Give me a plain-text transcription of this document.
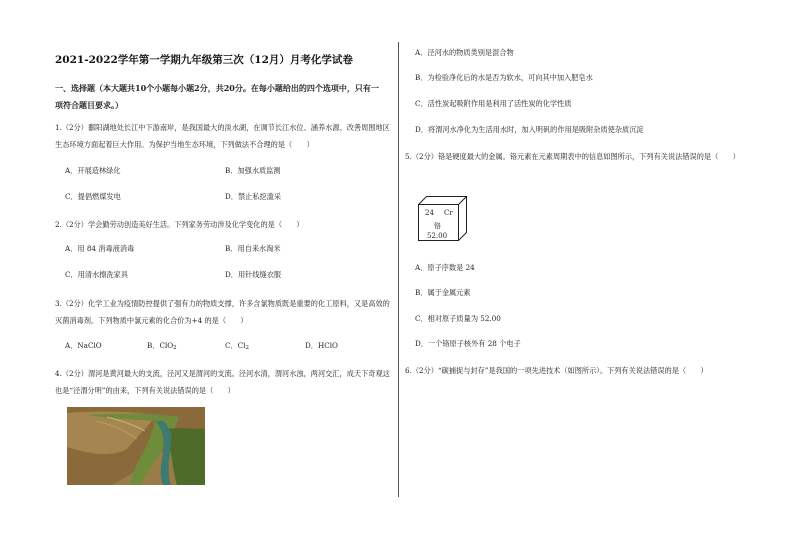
2021-2022学年第一学期九年级第三次（12月）月考化学试卷
一、选择题（本大题共10个小题每小题2分，共20分。在每小题给出的四个选项中，只有一项符合题目要求。）
1.（2分）鄱阳湖地处长江中下游南岸，是我国最大的淡水湖，在调节长江水位、涵养水源、改善周围地区生态环境方面起着巨大作用。为保护当地生态环境，下列做法不合理的是（　　）
A．开展造林绿化	B．加强水质监测
C．提倡燃煤发电	D．禁止私挖滥采
2.（2分）学会勤劳动创造美好生活。下列家务劳动涉及化学变化的是（　　）
A．用 84 消毒液消毒	B．用自来水淘米
C．用清水擦洗家具	D．用针线缝衣服
3.（2分）化学工业为疫情防控提供了强有力的物质支撑，许多含氯物质既是重要的化工原料，又是高效的灭菌消毒剂。下列物质中氯元素的化合价为+4 的是（　　）
A．NaClO	B．ClO2	C．Cl2	D．HClO
4.（2分）渭河是黄河最大的支流，泾河又是渭河的支流。泾河水清，渭河水浊，两河交汇，成天下奇观这也是“泾渭分明”的由来，下列有关说法错误的是（　　）
A．泾河水的物质类别是混合物
B．为检验净化后的水是否为软水，可向其中加入肥皂水
C．活性炭起吸附作用是利用了活性炭的化学性质
D．将渭河水净化为生活用水时，加入明矾的作用是吸附杂质使杂质沉淀
5.（2分）铬是硬度最大的金属。铬元素在元素周期表中的信息如图所示，下列有关说法错误的是（　　）
24 Cr
铬
52.00
A．原子序数是 24
B．属于金属元素
C．相对原子质量为 52.00
D．一个铬原子核外有 28 个电子
6.（2分）“碳捕捉与封存”是我国的一项先进技术（如图所示）。下列有关说法错误的是（　　）
